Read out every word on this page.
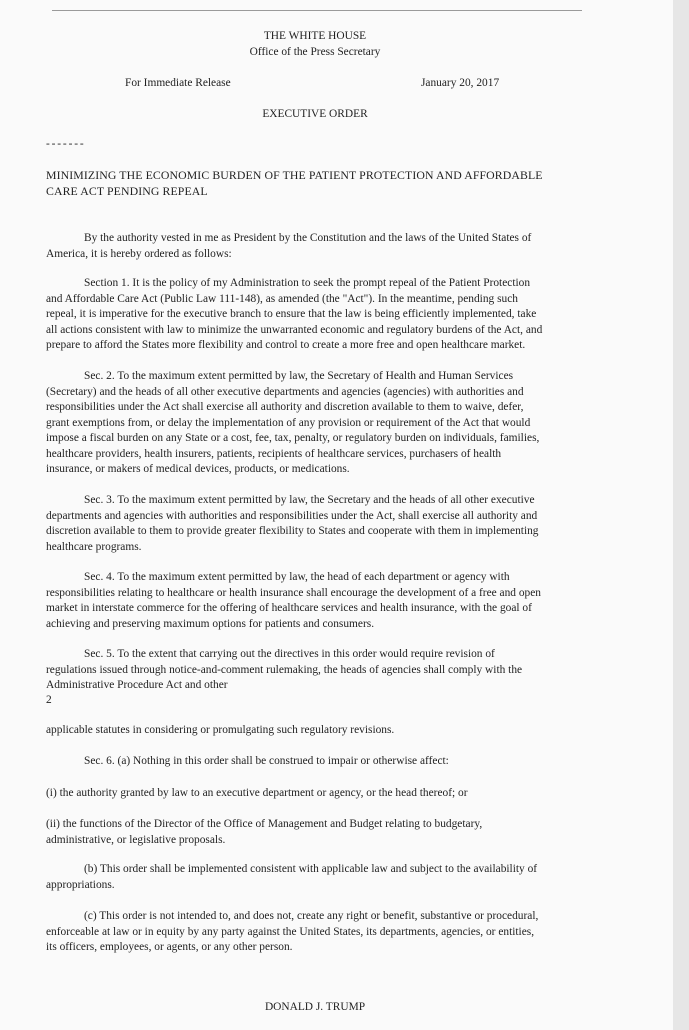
THE WHITE HOUSE
Office of the Press Secretary
For Immediate Release	January 20, 2017
EXECUTIVE ORDER
- - - - - - -
MINIMIZING THE ECONOMIC BURDEN OF THE PATIENT PROTECTION AND AFFORDABLE
CARE ACT PENDING REPEAL
By the authority vested in me as President by the Constitution and the laws of the United States of
America, it is hereby ordered as follows:
Section 1. It is the policy of my Administration to seek the prompt repeal of the Patient Protection
and Affordable Care Act (Public Law 111-148), as amended (the "Act"). In the meantime, pending such
repeal, it is imperative for the executive branch to ensure that the law is being efficiently implemented, take
all actions consistent with law to minimize the unwarranted economic and regulatory burdens of the Act, and
prepare to afford the States more flexibility and control to create a more free and open healthcare market.
Sec. 2. To the maximum extent permitted by law, the Secretary of Health and Human Services
(Secretary) and the heads of all other executive departments and agencies (agencies) with authorities and
responsibilities under the Act shall exercise all authority and discretion available to them to waive, defer,
grant exemptions from, or delay the implementation of any provision or requirement of the Act that would
impose a fiscal burden on any State or a cost, fee, tax, penalty, or regulatory burden on individuals, families,
healthcare providers, health insurers, patients, recipients of healthcare services, purchasers of health
insurance, or makers of medical devices, products, or medications.
Sec. 3. To the maximum extent permitted by law, the Secretary and the heads of all other executive
departments and agencies with authorities and responsibilities under the Act, shall exercise all authority and
discretion available to them to provide greater flexibility to States and cooperate with them in implementing
healthcare programs.
Sec. 4. To the maximum extent permitted by law, the head of each department or agency with
responsibilities relating to healthcare or health insurance shall encourage the development of a free and open
market in interstate commerce for the offering of healthcare services and health insurance, with the goal of
achieving and preserving maximum options for patients and consumers.
Sec. 5. To the extent that carrying out the directives in this order would require revision of
regulations issued through notice-and-comment rulemaking, the heads of agencies shall comply with the
Administrative Procedure Act and other
2
applicable statutes in considering or promulgating such regulatory revisions.
Sec. 6. (a) Nothing in this order shall be construed to impair or otherwise affect:
(i) the authority granted by law to an executive department or agency, or the head thereof; or
(ii) the functions of the Director of the Office of Management and Budget relating to budgetary,
administrative, or legislative proposals.
(b) This order shall be implemented consistent with applicable law and subject to the availability of
appropriations.
(c) This order is not intended to, and does not, create any right or benefit, substantive or procedural,
enforceable at law or in equity by any party against the United States, its departments, agencies, or entities,
its officers, employees, or agents, or any other person.
DONALD J. TRUMP
